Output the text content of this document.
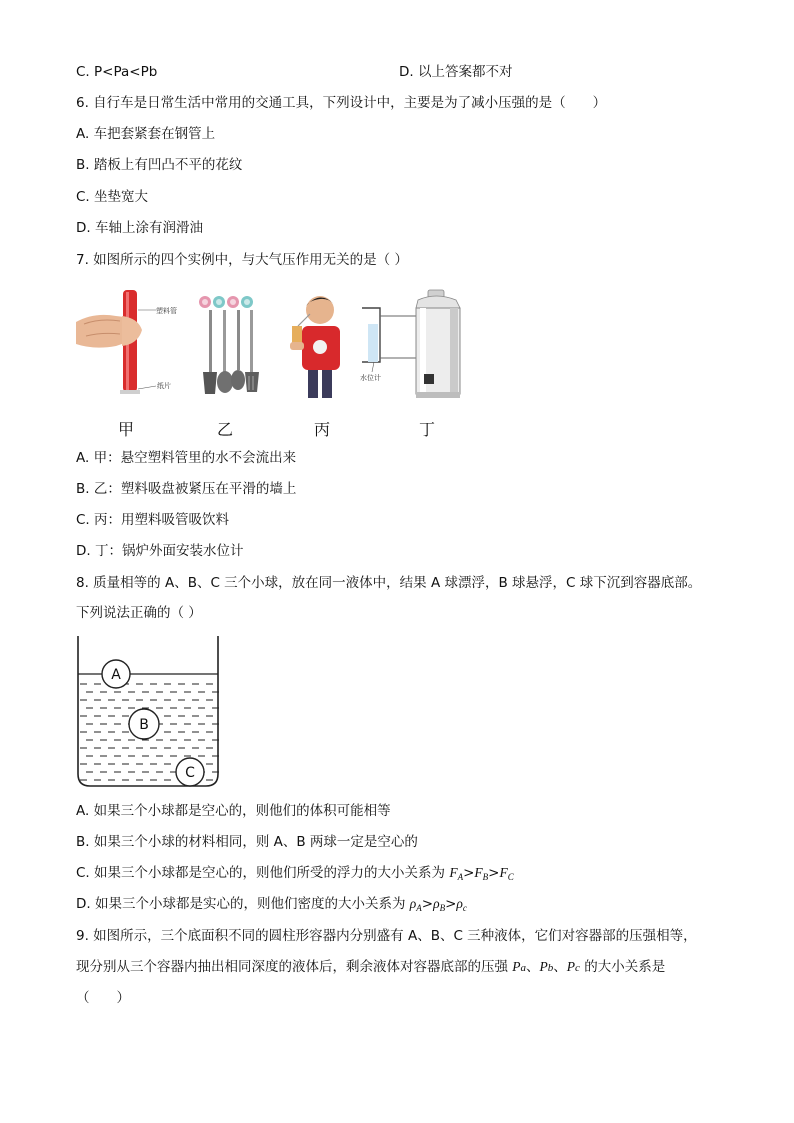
C. P<Pa<Pb	D. 以上答案都不对
6. 自行车是日常生活中常用的交通工具，下列设计中，主要是为了减小压强的是（　　）
A. 车把套紧套在钢管上
B. 踏板上有凹凸不平的花纹
C. 坐垫宽大
D. 车轴上涂有润滑油
7. 如图所示的四个实例中，与大气压作用无关的是（ ）
塑料管
纸片
水位计
甲	乙	丙	丁
A. 甲：悬空塑料管里的水不会流出来
B. 乙：塑料吸盘被紧压在平滑的墙上
C. 丙：用塑料吸管吸饮料
D. 丁：锅炉外面安装水位计
8. 质量相等的 A、B、C 三个小球，放在同一液体中，结果 A 球漂浮，B 球悬浮，C 球下沉到容器底部。
下列说法正确的（ ）
A
B
C
A. 如果三个小球都是空心的，则他们的体积可能相等
B. 如果三个小球的材料相同，则 A、B 两球一定是空心的
C. 如果三个小球都是空心的，则他们所受的浮力的大小关系为 $F_A>F_B>F_C$
D. 如果三个小球都是实心的，则他们密度的大小关系为 $\rho_A>\rho_B>\rho_c$
9. 如图所示，三个底面积不同的圆柱形容器内分别盛有 A、B、C 三种液体，它们对容器部的压强相等，
现分别从三个容器内抽出相同深度的液体后，剩余液体对容器底部的压强 Pa、Pb、Pc 的大小关系是
（　　）
